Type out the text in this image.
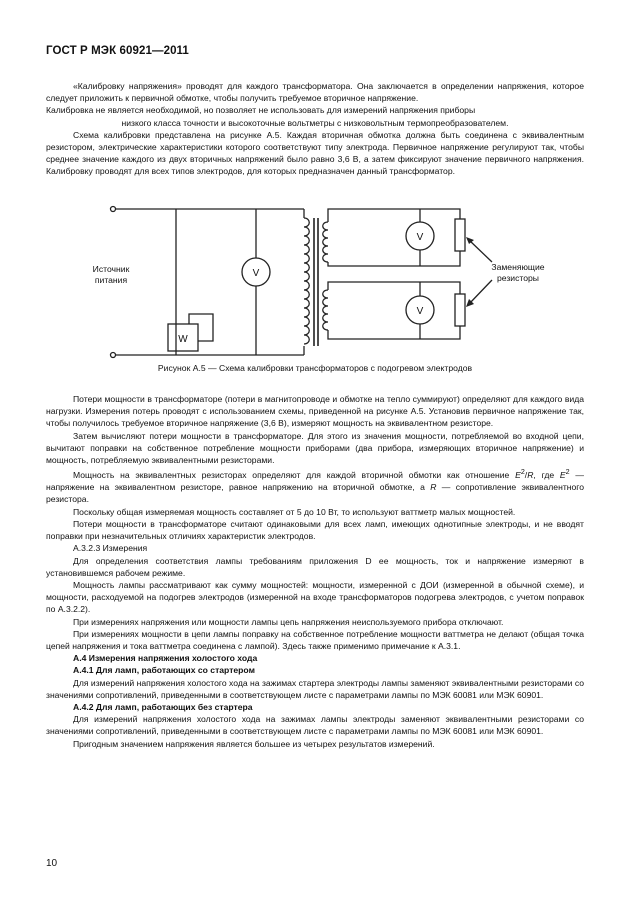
ГОСТ Р МЭК 60921—2011

«Калибровку напряжения» проводят для каждого трансформатора. Она заключается в определении напряжения, которое следует приложить к первичной обмотке, чтобы получить требуемое вторичное напряжение.

Калибровка не является необходимой, но позволяет не использовать для измерений напряжения приборы

низкого класса точности и высокоточные вольтметры с низковольтным термопреобразователем.

Схема калибровки представлена на рисунке А.5. Каждая вторичная обмотка должна быть соединена с эквивалентным резистором, электрические характеристики которого соответствуют типу электрода. Первичное напряжение регулируют так, чтобы среднее значение каждого из двух вторичных напряжений было равно 3,6 В, а затем фиксируют значение первичного напряжения. Калибровку проводят для всех типов электродов, для которых предназначен данный трансформатор.

V
V
V
W
Источник
питания
Заменяющие
резисторы
Рисунок А.5 — Схема калибровки трансформаторов с подогревом электродов

Потери мощности в трансформаторе (потери в магнитопроводе и обмотке на тепло суммируют) определяют для каждого вида нагрузки. Измерения потерь проводят с использованием схемы, приведенной на рисунке А.5. Установив первичное напряжение так, чтобы получилось требуемое вторичное напряжение (3,6 В), измеряют мощность на эквивалентном резисторе.

Затем вычисляют потери мощности в трансформаторе. Для этого из значения мощности, потребляемой во входной цепи, вычитают поправки на собственное потребление мощности приборами (два прибора, измеряющих вторичное напряжение) и мощность, потребляемую эквивалентными резисторами.

Мощность на эквивалентных резисторах определяют для каждой вторичной обмотки как отношение $E^2/R$, где $E^2$ — напряжение на эквивалентном резисторе, равное напряжению на вторичной обмотке, а R — сопротивление эквивалентного резистора.

Поскольку общая измеряемая мощность составляет от 5 до 10 Вт, то используют ваттметр малых мощностей.

Потери мощности в трансформаторе считают одинаковыми для всех ламп, имеющих однотипные электроды, и не вводят поправки при незначительных отличиях характеристик электродов.

А.3.2.3 Измерения

Для определения соответствия лампы требованиям приложения D ее мощность, ток и напряжение измеряют в установившемся рабочем режиме.

Мощность лампы рассматривают как сумму мощностей: мощности, измеренной с ДОИ (измеренной в обычной схеме), и мощности, расходуемой на подогрев электродов (измеренной на входе трансформаторов подогрева электродов, с учетом поправок по А.3.2.2).

При измерениях напряжения или мощности лампы цепь напряжения неиспользуемого прибора отключают.

При измерениях мощности в цепи лампы поправку на собственное потребление мощности ваттметра не делают (общая точка цепей напряжения и тока ваттметра соединена с лампой). Здесь также применимо примечание к А.3.1.

А.4 Измерения напряжения холостого хода

А.4.1 Для ламп, работающих со стартером

Для измерений напряжения холостого хода на зажимах стартера электроды лампы заменяют эквивалентными резисторами со значениями сопротивлений, приведенными в соответствующем листе с параметрами лампы по МЭК 60081 или МЭК 60901.

А.4.2 Для ламп, работающих без стартера

Для измерений напряжения холостого хода на зажимах лампы электроды заменяют эквивалентными резисторами со значениями сопротивлений, приведенными в соответствующем листе с параметрами лампы по МЭК 60081 или МЭК 60901.

Пригодным значением напряжения является большее из четырех результатов измерений.

10
